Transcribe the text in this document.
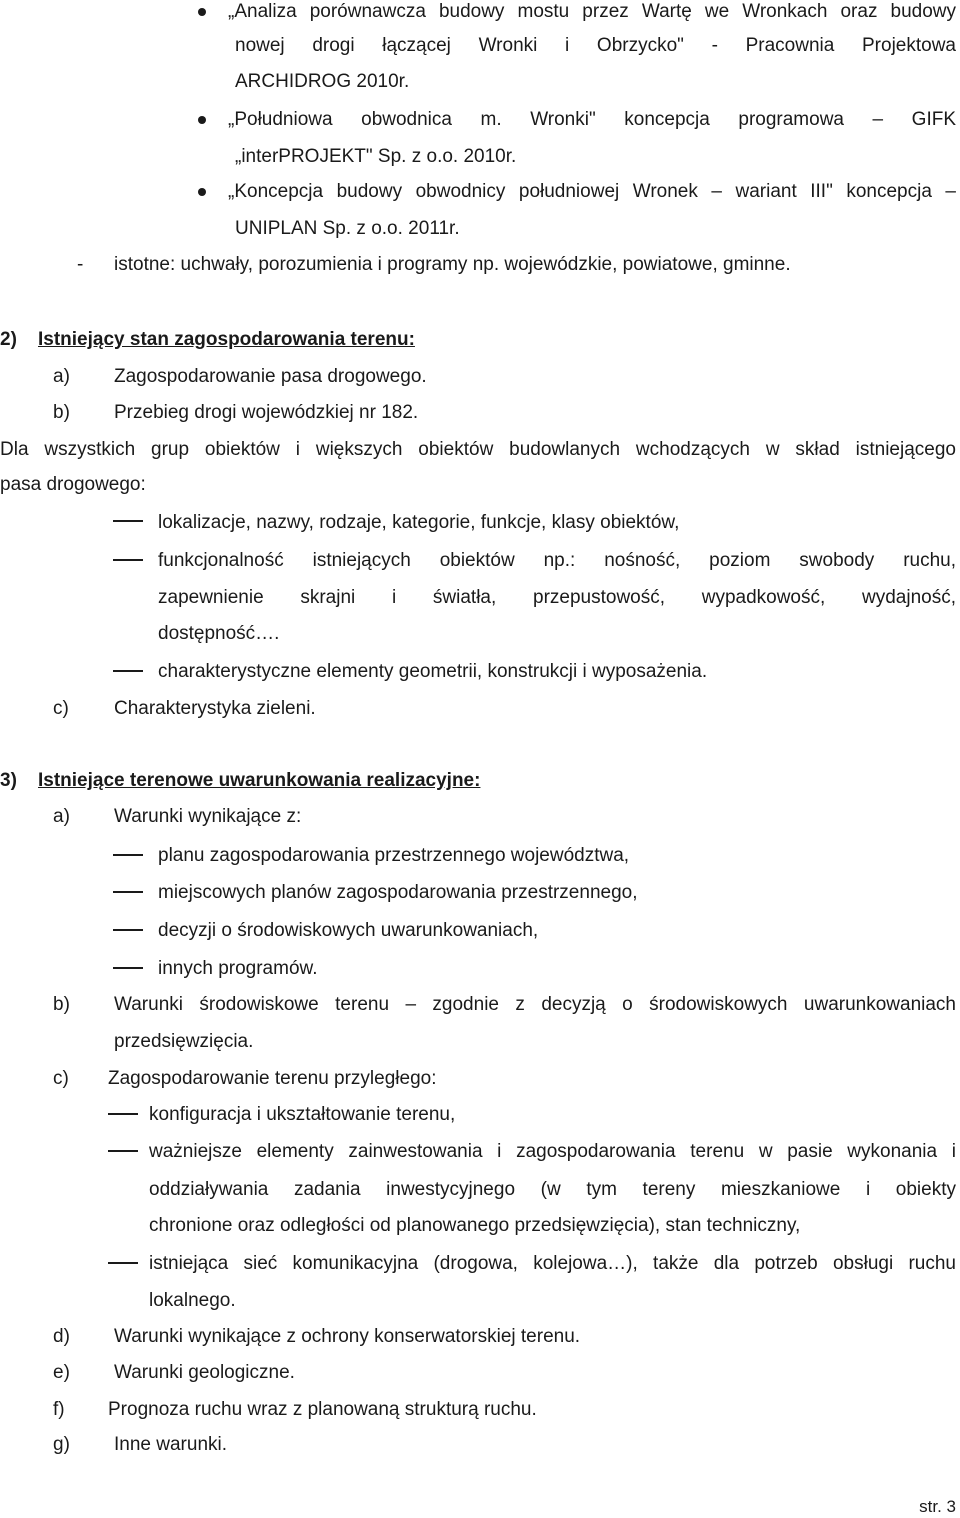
„Analiza porównawcza budowy mostu przez Wartę we Wronkach oraz budowy
nowej drogi łączącej Wronki i Obrzycko" - Pracownia Projektowa
ARCHIDROG 2010r.
„Południowa obwodnica m. Wronki" koncepcja programowa – GIFK
„interPROJEKT" Sp. z o.o. 2010r.
„Koncepcja budowy obwodnicy południowej Wronek – wariant III" koncepcja –
UNIPLAN Sp. z o.o. 2011r.
- istotne: uchwały, porozumienia i programy np. wojewódzkie, powiatowe, gminne.
2) Istniejący stan zagospodarowania terenu:
a) Zagospodarowanie pasa drogowego.
b) Przebieg drogi wojewódzkiej nr 182.
Dla wszystkich grup obiektów i większych obiektów budowlanych wchodzących w skład istniejącego
pasa drogowego:
lokalizacje, nazwy, rodzaje, kategorie, funkcje, klasy obiektów,
funkcjonalność istniejących obiektów np.: nośność, poziom swobody ruchu,
zapewnienie skrajni i światła, przepustowość, wypadkowość, wydajność,
dostępność….
charakterystyczne elementy geometrii, konstrukcji i wyposażenia.
c) Charakterystyka zieleni.
3) Istniejące terenowe uwarunkowania realizacyjne:
a) Warunki wynikające z:
planu zagospodarowania przestrzennego województwa,
miejscowych planów zagospodarowania przestrzennego,
decyzji o środowiskowych uwarunkowaniach,
innych programów.
b) Warunki środowiskowe terenu – zgodnie z decyzją o środowiskowych uwarunkowaniach
przedsięwzięcia.
c) Zagospodarowanie terenu przyległego:
konfiguracja i ukształtowanie terenu,
ważniejsze elementy zainwestowania i zagospodarowania terenu w pasie wykonania i
oddziaływania zadania inwestycyjnego (w tym tereny mieszkaniowe i obiekty
chronione oraz odległości od planowanego przedsięwzięcia), stan techniczny,
istniejąca sieć komunikacyjna (drogowa, kolejowa…), także dla potrzeb obsługi ruchu
lokalnego.
d) Warunki wynikające z ochrony konserwatorskiej terenu.
e) Warunki geologiczne.
f) Prognoza ruchu wraz z planowaną strukturą ruchu.
g) Inne warunki.
str. 3
